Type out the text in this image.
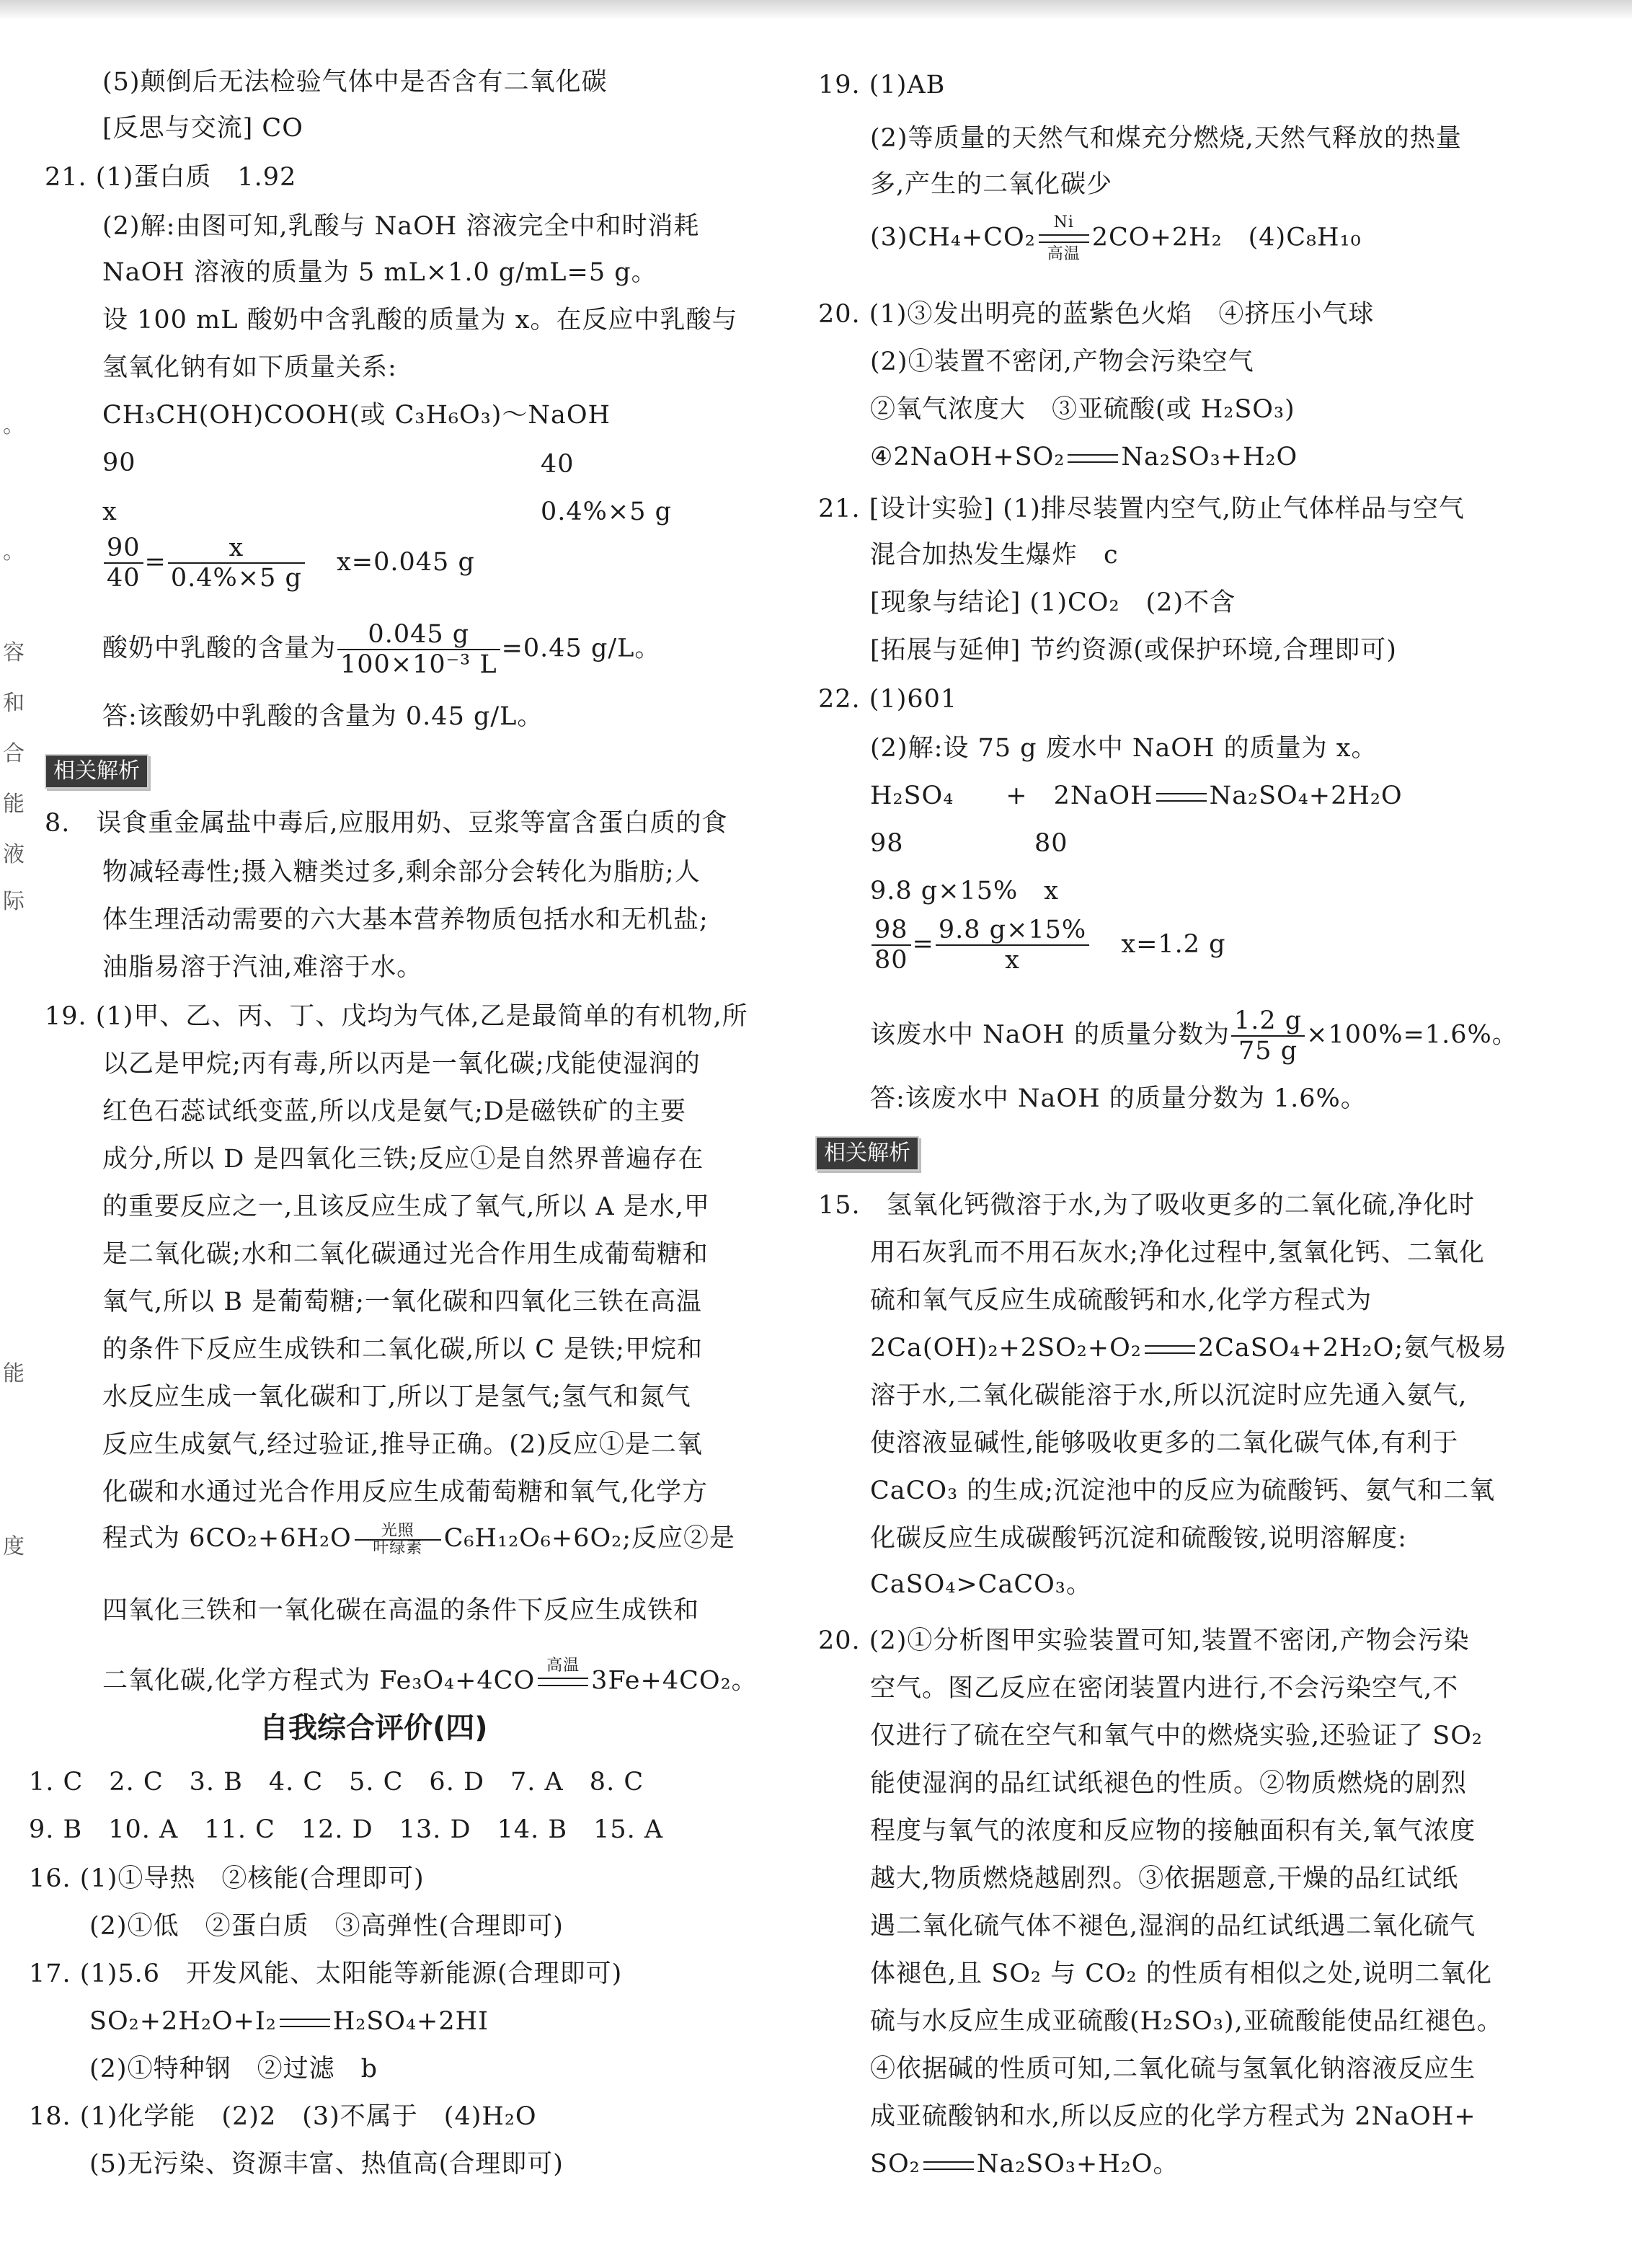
。
。
容
和
合
能
液
际
能
度
(5)颠倒后无法检验气体中是否含有二氧化碳
[反思与交流] CO
21. (1)蛋白质　1.92
(2)解:由图可知,乳酸与 NaOH 溶液完全中和时消耗
NaOH 溶液的质量为 5 mL×1.0 g/mL=5 g。
设 100 mL 酸奶中含乳酸的质量为 x。在反应中乳酸与
氢氧化钠有如下质量关系:
CH₃CH(OH)COOH(或 C₃H₆O₃)～NaOH
90	40
x	0.4%×5 g
$\frac{90}{40} = \frac{x}{0.4\%\times 5 g} x=0.045$ g
酸奶中乳酸的含量为 $\frac{0.045 g}{\text{100×10⁻³ L}} =0.45$ g/L。
答:该酸奶中乳酸的含量为 0.45 g/L。
相关解析
8.　误食重金属盐中毒后,应服用奶、豆浆等富含蛋白质的食
物减轻毒性;摄入糖类过多,剩余部分会转化为脂肪;人
体生理活动需要的六大基本营养物质包括水和无机盐;
油脂易溶于汽油,难溶于水。
19. (1)甲、乙、丙、丁、戊均为气体,乙是最简单的有机物,所
以乙是甲烷;丙有毒,所以丙是一氧化碳;戊能使湿润的
红色石蕊试纸变蓝,所以戊是氨气;D是磁铁矿的主要
成分,所以 D 是四氧化三铁;反应①是自然界普遍存在
的重要反应之一,且该反应生成了氧气,所以 A 是水,甲
是二氧化碳;水和二氧化碳通过光合作用生成葡萄糖和
氧气,所以 B 是葡萄糖;一氧化碳和四氧化三铁在高温
的条件下反应生成铁和二氧化碳,所以 C 是铁;甲烷和
水反应生成一氧化碳和丁,所以丁是氢气;氢气和氮气
反应生成氨气,经过验证,推导正确。(2)反应①是二氧
化碳和水通过光合作用反应生成葡萄糖和氧气,化学方
程式为 6CO₂+6H₂O	光照
叶绿素 C₆H₁₂O₆+6O₂;反应②是
四氧化三铁和一氧化碳在高温的条件下反应生成铁和
二氧化碳,化学方程式为 Fe₃O₄+4CO
高温

3Fe+4CO₂。
自我综合评价(四)
1. C　2. C　3. B　4. C　5. C　6. D　7. A　8. C
9. B　10. A　11. C　12. D　13. D　14. B　15. A
16. (1)①导热　②核能(合理即可)
(2)①低　②蛋白质　③高弹性(合理即可)
17. (1)5.6　开发风能、太阳能等新能源(合理即可)
SO₂+2H₂O+I₂ H₂SO₄+2HI
(2)①特种钢　②过滤　b
18. (1)化学能　(2)2　(3)不属于　(4)H₂O
(5)无污染、资源丰富、热值高(合理即可)
19. (1)AB
(2)等质量的天然气和煤充分燃烧,天然气释放的热量
多,产生的二氧化碳少
(3)CH₄+CO₂
Ni
高温
2CO+2H₂　(4)C₈H₁₀
20. (1)③发出明亮的蓝紫色火焰　④挤压小气球
(2)①装置不密闭,产物会污染空气
②氧气浓度大　③亚硫酸(或 H₂SO₃)
④2NaOH+SO₂ Na₂SO₃+H₂O
21. [设计实验] (1)排尽装置内空气,防止气体样品与空气
混合加热发生爆炸　c
[现象与结论] (1)CO₂　(2)不含
[拓展与延伸] 节约资源(或保护环境,合理即可)
22. (1)601
(2)解:设 75 g 废水中 NaOH 的质量为 x。
H₂SO₄　　+　2NaOH Na₂SO₄+2H₂O
98	80
9.8 g×15%　x
$\frac{98}{80} = \frac{9.8 g\times 15\%}{x} x=1.2$ g
该废水中 NaOH 的质量分数为 $\frac{1.2 g}{75 g} \times 100\%=1.6\%$。
答:该废水中 NaOH 的质量分数为 1.6%。
相关解析
15.　氢氧化钙微溶于水,为了吸收更多的二氧化硫,净化时
用石灰乳而不用石灰水;净化过程中,氢氧化钙、二氧化
硫和氧气反应生成硫酸钙和水,化学方程式为
2Ca(OH)₂+2SO₂+O₂ 2CaSO₄+2H₂O;氨气极易
溶于水,二氧化碳能溶于水,所以沉淀时应先通入氨气,
使溶液显碱性,能够吸收更多的二氧化碳气体,有利于
CaCO₃ 的生成;沉淀池中的反应为硫酸钙、氨气和二氧
化碳反应生成碳酸钙沉淀和硫酸铵,说明溶解度:
CaSO₄>CaCO₃。
20. (2)①分析图甲实验装置可知,装置不密闭,产物会污染
空气。图乙反应在密闭装置内进行,不会污染空气,不
仅进行了硫在空气和氧气中的燃烧实验,还验证了 SO₂
能使湿润的品红试纸褪色的性质。②物质燃烧的剧烈
程度与氧气的浓度和反应物的接触面积有关,氧气浓度
越大,物质燃烧越剧烈。③依据题意,干燥的品红试纸
遇二氧化硫气体不褪色,湿润的品红试纸遇二氧化硫气
体褪色,且 SO₂ 与 CO₂ 的性质有相似之处,说明二氧化
硫与水反应生成亚硫酸(H₂SO₃),亚硫酸能使品红褪色。
④依据碱的性质可知,二氧化硫与氢氧化钠溶液反应生
成亚硫酸钠和水,所以反应的化学方程式为 2NaOH+
SO₂ Na₂SO₃+H₂O。
